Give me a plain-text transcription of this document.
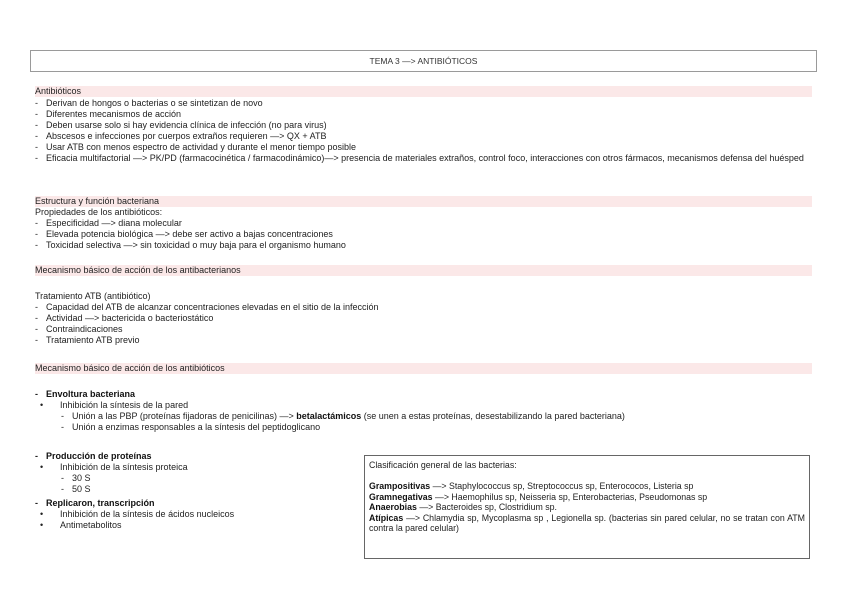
TEMA 3 —> ANTIBIÓTICOS
Antibióticos
- Derivan de hongos o bacterias o se sintetizan de novo
- Diferentes mecanismos de acción
- Deben usarse solo si hay evidencia clínica de infección (no para virus)
- Abscesos e infecciones por cuerpos extraños requieren —> QX + ATB
- Usar ATB con menos espectro de actividad y durante el menor tiempo posible
- Eficacia multifactorial —> PK/PD (farmacocinética / farmacodinámico)—> presencia de materiales extraños, control foco, interacciones con otros fármacos, mecanismos defensa del huésped
Estructura y función bacteriana
Propiedades de los antibióticos:
- Especificidad —> diana molecular
- Elevada potencia biológica —> debe ser activo a bajas concentraciones
- Toxicidad selectiva —> sin toxicidad o muy baja para el organismo humano
Mecanismo básico de acción de los antibacterianos
Tratamiento ATB (antibiótico)
- Capacidad del ATB de alcanzar concentraciones elevadas en el sitio de la infección
- Actividad —> bactericida o bacteriostático
- Contraindicaciones
- Tratamiento ATB previo
Mecanismo básico de acción de los antibióticos
- Envoltura bacteriana
• Inhibición la síntesis de la pared
- Unión a las PBP (proteínas fijadoras de penicilinas) —> betalactámicos (se unen a estas proteínas, desestabilizando la pared bacteriana)
- Unión a enzimas responsables a la síntesis del peptidoglicano
- Producción de proteínas
• Inhibición de la síntesis proteica
- 30 S
- 50 S
- Replicaron, transcripción
• Inhibición de la síntesis de ácidos nucleicos
• Antimetabolitos
Clasificación general de las bacterias:
Grampositivas —> Staphylococcus sp, Streptococcus sp, Enterococos, Listeria sp
Gramnegativas —> Haemophilus sp, Neisseria sp, Enterobacterias, Pseudomonas sp
Anaerobias —> Bacteroides sp, Clostridium sp.
Atípicas —> Chlamydia sp, Mycoplasma sp , Legionella sp. (bacterias sin pared celular, no se tratan con ATM contra la pared celular)
